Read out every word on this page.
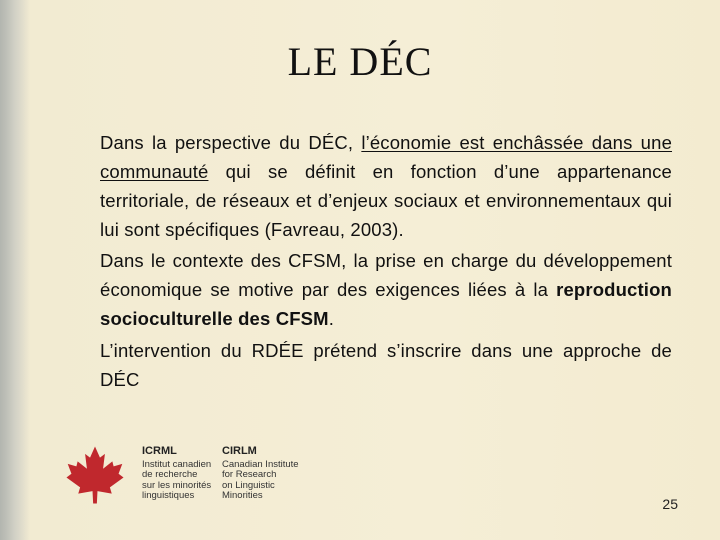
LE DÉC
Dans la perspective du DÉC, l’économie est enchâssée dans une communauté qui se définit en fonction d’une appartenance territoriale, de réseaux et d’enjeux sociaux et environnementaux qui lui sont spécifiques (Favreau, 2003).
Dans le contexte des CFSM, la prise en charge du développement économique se motive par des exigences liées à la reproduction socioculturelle des CFSM.
L’intervention du RDÉE prétend s’inscrire dans une approche de DÉC
ICRML
Institut canadien
de recherche
sur les minorités
linguistiques
CIRLM
Canadian Institute
for Research
on Linguistic
Minorities
25
